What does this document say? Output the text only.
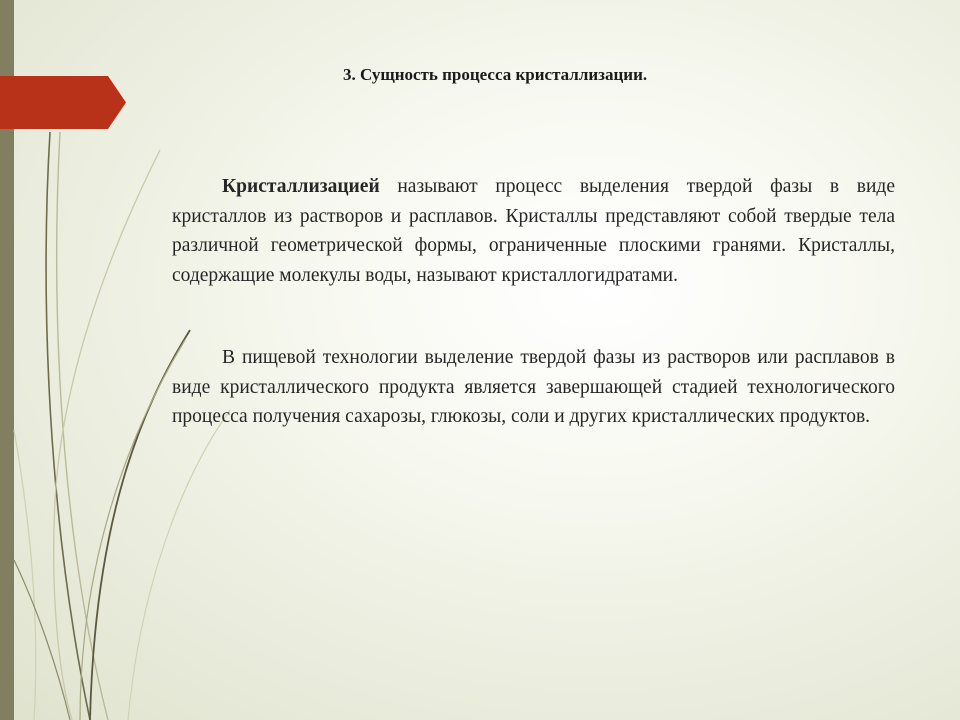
3. Сущность процесса кристаллизации.

Кристаллизацией называют процесс выделения твердой фазы в виде кристаллов из растворов и расплавов. Кристаллы представляют собой твердые тела различной геометрической формы, ограниченные плоскими гранями. Кристаллы, содержащие молекулы воды, называют кристаллогидратами.

В пищевой технологии выделение твердой фазы из растворов или расплавов в виде кристаллического продукта является завершающей стадией технологического процесса получения сахарозы, глюкозы, соли и других кристаллических продуктов.
